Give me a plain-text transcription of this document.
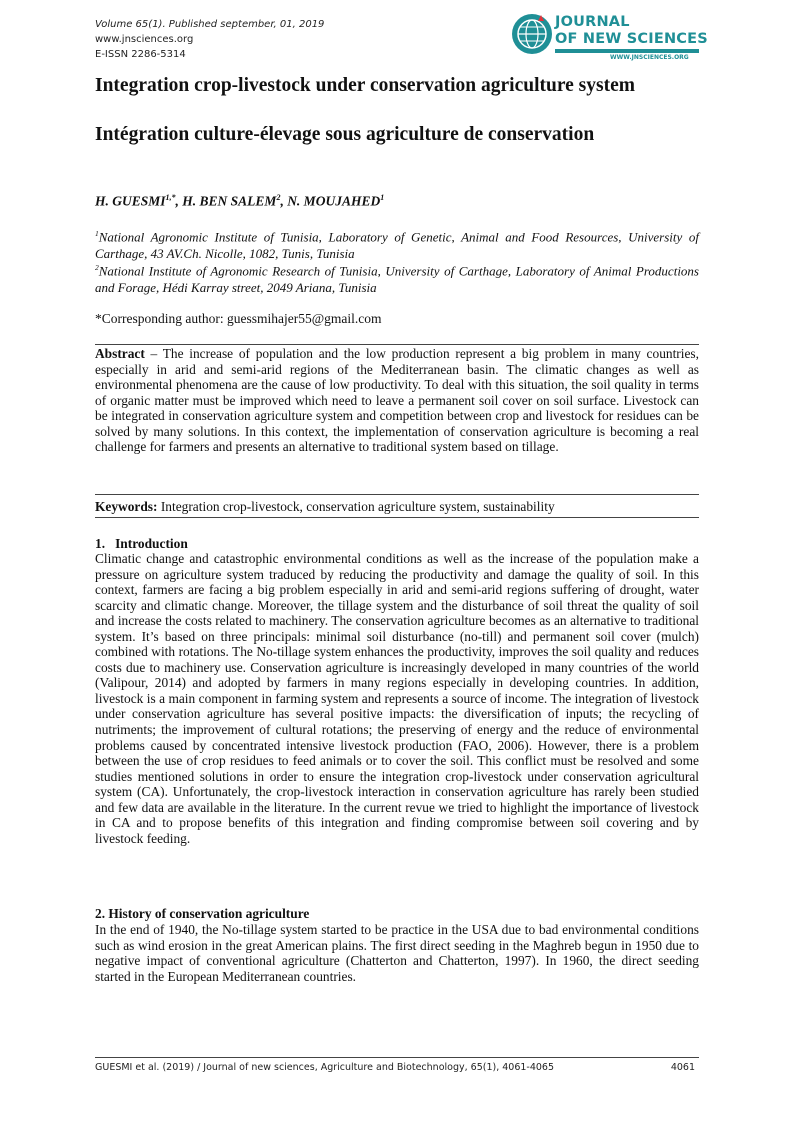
Volume 65(1). Published september, 01, 2019
www.jnsciences.org
E-ISSN 2286-5314
JOURNAL
OF NEW SCIENCES
WWW.JNSCIENCES.ORG
Integration crop-livestock under conservation agriculture system
Intégration culture-élevage sous agriculture de conservation
H. $GUESMI^{1,*}$, H. BEN SALEM$^2$, N. MOUJAHED$^1$
$^1$National Agronomic Institute of Tunisia, Laboratory of Genetic, Animal and Food Resources, University of Carthage, 43 AV.Ch. Nicolle, 1082, Tunis, Tunisia
$^2$National Institute of Agronomic Research of Tunisia, University of Carthage, Laboratory of Animal Productions and Forage, Hédi Karray street, 2049 Ariana, Tunisia
*Corresponding author: guessmihajer55@gmail.com
Abstract – The increase of population and the low production represent a big problem in many countries, especially in arid and semi-arid regions of the Mediterranean basin. The climatic changes as well as environmental phenomena are the cause of low productivity. To deal with this situation, the soil quality in terms of organic matter must be improved which need to leave a permanent soil cover on soil surface. Livestock can be integrated in conservation agriculture system and competition between crop and livestock for residues can be solved by many solutions. In this context, the implementation of conservation agriculture is becoming a real challenge for farmers and presents an alternative to traditional system based on tillage.
Keywords: Integration crop-livestock, conservation agriculture system, sustainability
1.   Introduction
Climatic change and catastrophic environmental conditions as well as the increase of the population make a pressure on agriculture system traduced by reducing the productivity and damage the quality of soil. In this context, farmers are facing a big problem especially in arid and semi-arid regions suffering of drought, water scarcity and climatic change. Moreover, the tillage system and the disturbance of soil threat the quality of soil and increase the costs related to machinery. The conservation agriculture becomes as an alternative to traditional system. It’s based on three principals: minimal soil disturbance (no-till) and permanent soil cover (mulch) combined with rotations. The No-tillage system enhances the productivity, improves the soil quality and reduces costs due to machinery use. Conservation agriculture is increasingly developed in many countries of the world (Valipour, 2014) and adopted by farmers in many regions especially in developing countries. In addition, livestock is a main component in farming system and represents a source of income. The integration of livestock under conservation agriculture has several positive impacts: the diversification of inputs; the recycling of nutriments; the improvement of cultural rotations; the preserving of energy and the reduce of environmental problems caused by concentrated intensive livestock production (FAO, 2006). However, there is a problem between the use of crop residues to feed animals or to cover the soil. This conflict must be resolved and some studies mentioned solutions in order to ensure the integration crop-livestock under conservation agricultural system (CA). Unfortunately, the crop-livestock interaction in conservation agriculture has rarely been studied and few data are available in the literature. In the current revue we tried to highlight the importance of livestock in CA and to propose benefits of this integration and finding compromise between soil covering and by livestock feeding.
2. History of conservation agriculture
In the end of 1940, the No-tillage system started to be practice in the USA due to bad environmental conditions such as wind erosion in the great American plains. The first direct seeding in the Maghreb begun in 1950 due to negative impact of conventional agriculture (Chatterton and Chatterton, 1997). In 1960, the direct seeding started in the European Mediterranean countries.
GUESMI et al. (2019) / Journal of new sciences, Agriculture and Biotechnology, 65(1), 4061-4065	4061
